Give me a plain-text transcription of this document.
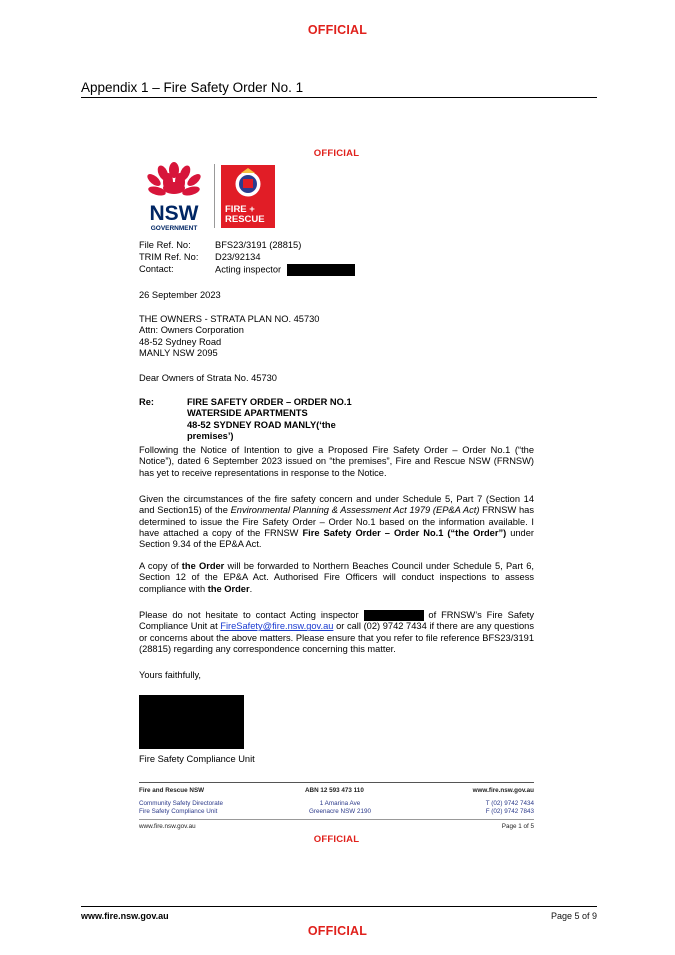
OFFICIAL
Appendix 1 – Fire Safety Order No. 1
OFFICIAL
NSW
GOVERNMENT
FIRE +
RESCUE
File Ref. No:	BFS23/3191 (28815)
TRIM Ref. No: D23/92134
Contact:	Acting inspector
26 September 2023
THE OWNERS - STRATA PLAN NO. 45730
Attn: Owners Corporation
48-52 Sydney Road
MANLY NSW 2095
Dear Owners of Strata No. 45730
Re:	FIRE SAFETY ORDER – ORDER NO.1
WATERSIDE APARTMENTS
48-52 SYDNEY ROAD MANLY(‘the
premises’)
Following the Notice of Intention to give a Proposed Fire Safety Order – Order No.1 (“the Notice”), dated 6 September 2023 issued on “the premises”, Fire and Rescue NSW (FRNSW) has yet to receive representations in response to the Notice.
Given the circumstances of the fire safety concern and under Schedule 5, Part 7 (Section 14 and Section15) of the Environmental Planning & Assessment Act 1979 (EP&A Act) FRNSW has determined to issue the Fire Safety Order – Order No.1 based on the information available. I have attached a copy of the FRNSW Fire Safety Order – Order No.1 (“the Order”) under Section 9.34 of the EP&A Act.
A copy of the Order will be forwarded to Northern Beaches Council under Schedule 5, Part 6, Section 12 of the EP&A Act. Authorised Fire Officers will conduct inspections to assess compliance with the Order.
Please do not hesitate to contact Acting inspector	of FRNSW’s Fire Safety Compliance Unit at FireSafety@fire.nsw.gov.au or call (02) 9742 7434 if there are any questions or concerns about the above matters. Please ensure that you refer to file reference BFS23/3191 (28815) regarding any correspondence concerning this matter.
Yours faithfully,
Fire Safety Compliance Unit
Fire and Rescue NSW	ABN 12 593 473 110	www.fire.nsw.gov.au
Community Safety Directorate
Fire Safety Compliance Unit
1 Amarina Ave
Greenacre NSW 2190
T (02) 9742 7434
F (02) 9742 7843
www.fire.nsw.gov.au	Page 1 of 5
OFFICIAL
www.fire.nsw.gov.au	Page 5 of 9
OFFICIAL
